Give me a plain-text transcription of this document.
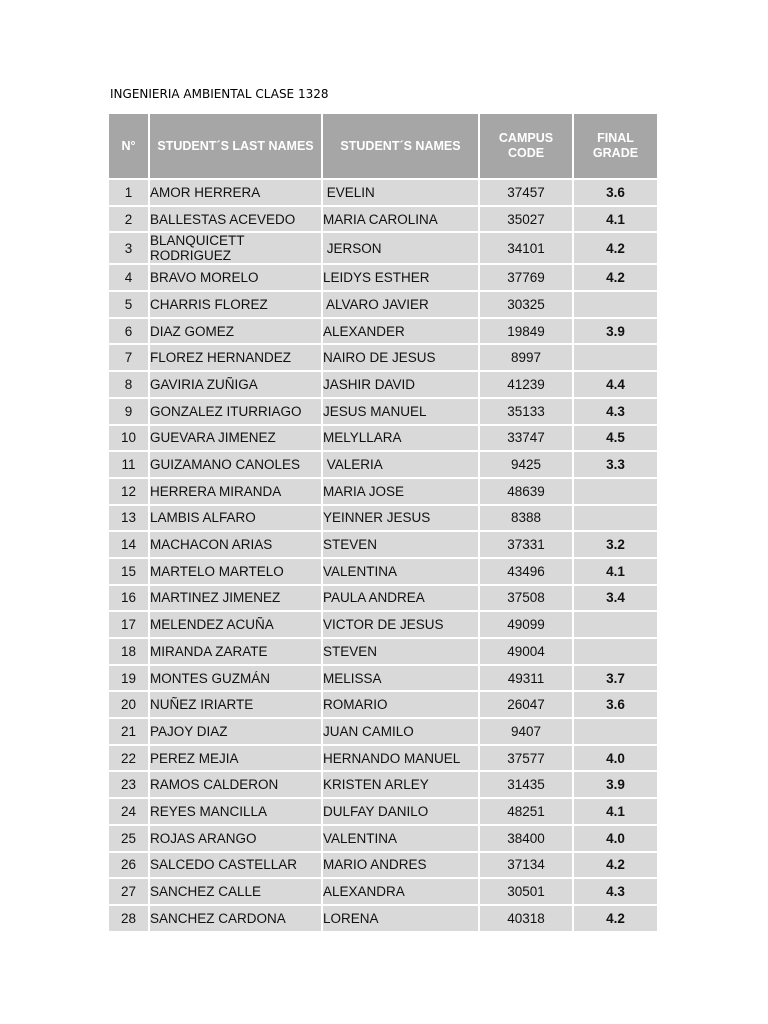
INGENIERIA AMBIENTAL CLASE 1328
N°	STUDENT´S LAST NAMES	STUDENT´S NAMES	CAMPUS CODE	FINAL GRADE
1	AMOR HERRERA	EVELIN	37457	3.6
2	BALLESTAS ACEVEDO	MARIA CAROLINA	35027	4.1
3	BLANQUICETT RODRIGUEZ	JERSON	34101	4.2
4	BRAVO MORELO	LEIDYS ESTHER	37769	4.2
5	CHARRIS FLOREZ	ALVARO JAVIER	30325	
6	DIAZ GOMEZ	ALEXANDER	19849	3.9
7	FLOREZ HERNANDEZ	NAIRO DE JESUS	8997	
8	GAVIRIA ZUÑIGA	JASHIR DAVID	41239	4.4
9	GONZALEZ ITURRIAGO	JESUS MANUEL	35133	4.3
10	GUEVARA JIMENEZ	MELYLLARA	33747	4.5
11	GUIZAMANO CANOLES	VALERIA	9425	3.3
12	HERRERA MIRANDA	MARIA JOSE	48639	
13	LAMBIS ALFARO	YEINNER JESUS	8388	
14	MACHACON ARIAS	STEVEN	37331	3.2
15	MARTELO MARTELO	VALENTINA	43496	4.1
16	MARTINEZ JIMENEZ	PAULA ANDREA	37508	3.4
17	MELENDEZ ACUÑA	VICTOR DE JESUS	49099	
18	MIRANDA ZARATE	STEVEN	49004	
19	MONTES GUZMÁN	MELISSA	49311	3.7
20	NUÑEZ IRIARTE	ROMARIO	26047	3.6
21	PAJOY DIAZ	JUAN CAMILO	9407	
22	PEREZ MEJIA	HERNANDO MANUEL	37577	4.0
23	RAMOS CALDERON	KRISTEN ARLEY	31435	3.9
24	REYES MANCILLA	DULFAY DANILO	48251	4.1
25	ROJAS ARANGO	VALENTINA	38400	4.0
26	SALCEDO CASTELLAR	MARIO ANDRES	37134	4.2
27	SANCHEZ CALLE	ALEXANDRA	30501	4.3
28	SANCHEZ CARDONA	LORENA	40318	4.2
